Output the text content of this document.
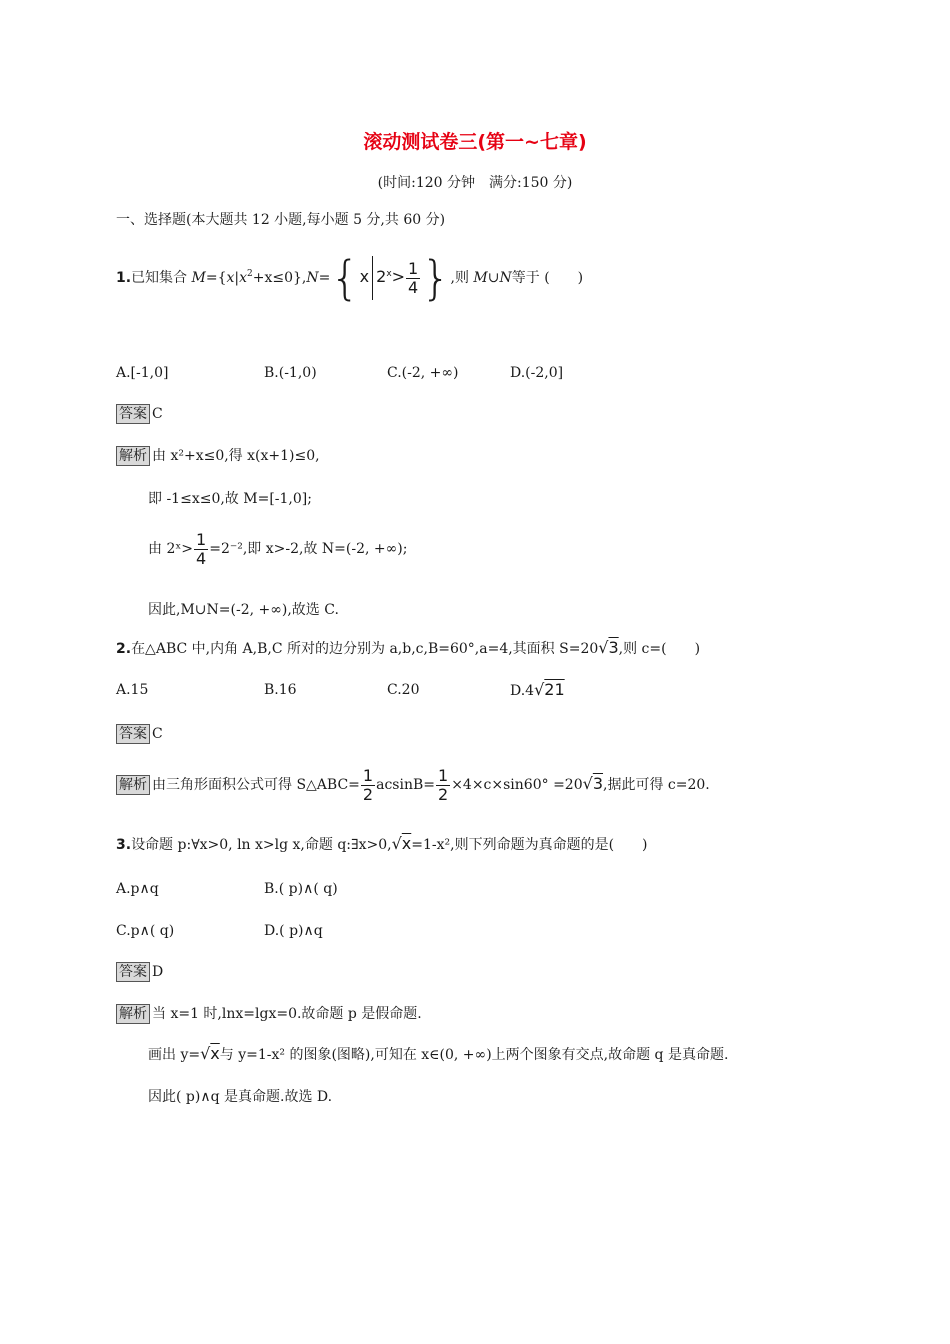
滚动测试卷三(第一~七章)
(时间:120 分钟　满分:150 分)
一、选择题(本大题共 12 小题,每小题 5 分,共 60 分)
1.已知集合 $M=\{x|x^2+x\le 0\},N=\{x$ $2^x> \frac{1}{4}$ },则 M∪N等于 (　　)
A.[-1,0]	B.(-1,0)	C.(-2, +∞)	D.(-2,0]
答案 C
解析 由 x²+x≤0,得 x(x+1)≤0,
即 -1≤x≤0,故 M=[-1,0];
由 2ˣ> $\frac{1}{4} =2^{-2}$,即 x>-2,故 N=(-2, +∞);
因此,M∪N=(-2, +∞),故选 C.
2.在△ABC 中,内角 A,B,C 所对的边分别为 a,b,c,B=60°,a=4,其面积 S=20√3,则 c=(　　)
A.15	B.16	C.20	D.4√21
答案 C
解析 由三角形面积公式可得 S△ABC= $\frac{1}{2} acsinB= \frac{1}{2} \times 4\times c\times\sin 60^\circ =20√3$,据此可得 c=20.
3.设命题 p:∀x>0, ln x>lg x,命题 q:∃x>0,√x=1-x²,则下列命题为真命题的是(　　)
A.p∧q	B.( p)∧( q)
C.p∧( q)	D.( p)∧q
答案 D
解析 当 x=1 时,lnx=lgx=0.故命题 p 是假命题.
画出 y=√x与 y=1-x² 的图象(图略),可知在 x∈(0, +∞)上两个图象有交点,故命题 q 是真命题.
因此( p)∧q 是真命题.故选 D.
